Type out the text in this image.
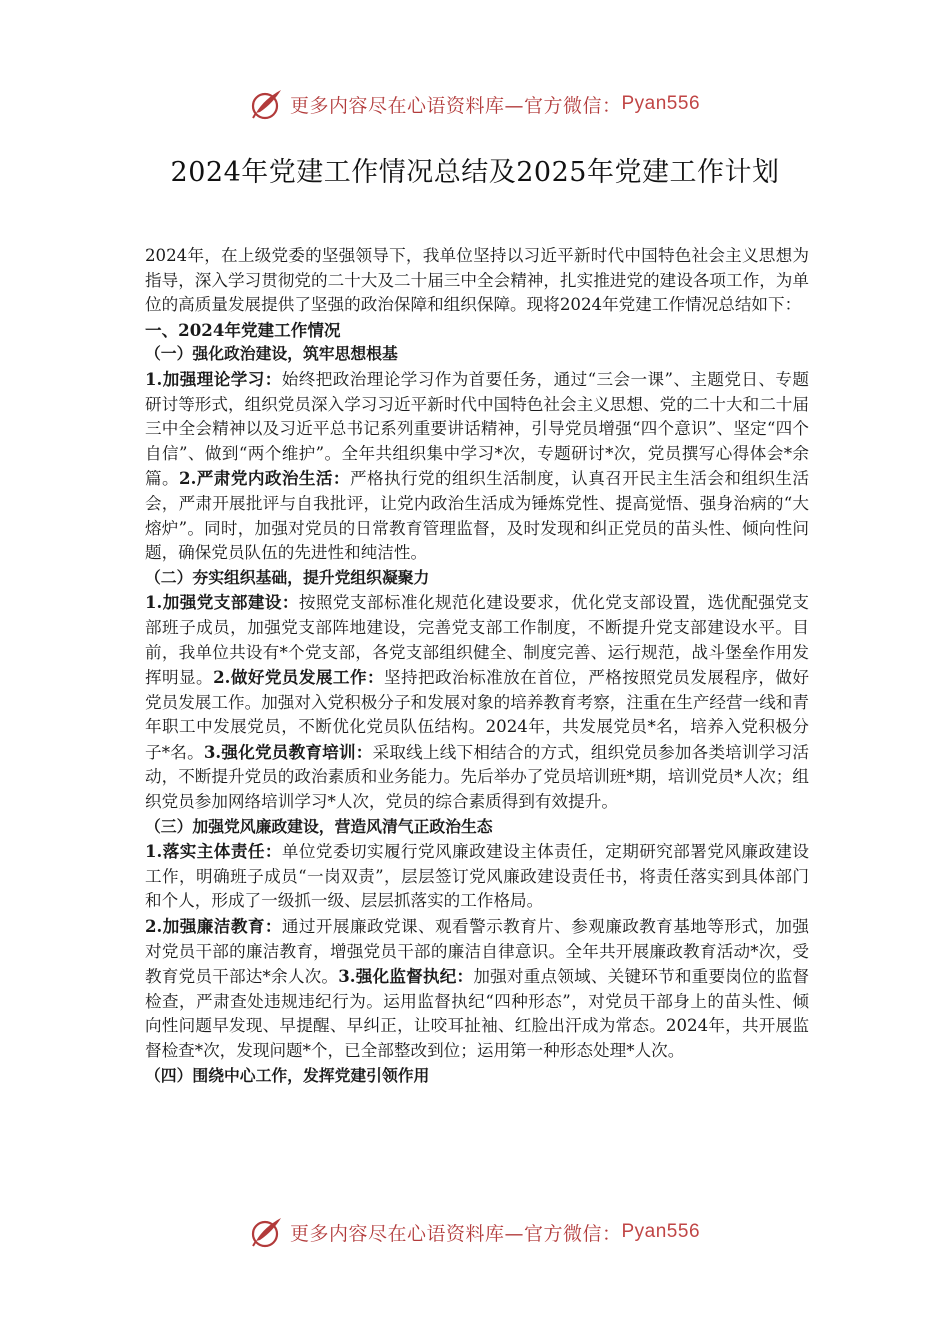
更多内容尽在心语资料库—官方微信： Pyan556
2024年党建工作情况总结及2025年党建工作计划

2024年，在上级党委的坚强领导下，我单位坚持以习近平新时代中国特色社会主义思想为指导，深入学习贯彻党的二十大及二十届三中全会精神，扎实推进党的建设各项工作，为单位的高质量发展提供了坚强的政治保障和组织保障。现将2024年党建工作情况总结如下：

一、2024年党建工作情况

（一）强化政治建设，筑牢思想根基

1.加强理论学习：始终把政治理论学习作为首要任务，通过“三会一课”、主题党日、专题研讨等形式，组织党员深入学习习近平新时代中国特色社会主义思想、党的二十大和二十届三中全会精神以及习近平总书记系列重要讲话精神，引导党员增强“四个意识”、坚定“四个自信”、做到“两个维护”。全年共组织集中学习*次，专题研讨*次，党员撰写心得体会*余篇。2.严肃党内政治生活：严格执行党的组织生活制度，认真召开民主生活会和组织生活会，严肃开展批评与自我批评，让党内政治生活成为锤炼党性、提高觉悟、强身治病的“大熔炉”。同时，加强对党员的日常教育管理监督，及时发现和纠正党员的苗头性、倾向性问题，确保党员队伍的先进性和纯洁性。

（二）夯实组织基础，提升党组织凝聚力

1.加强党支部建设：按照党支部标准化规范化建设要求，优化党支部设置，选优配强党支部班子成员，加强党支部阵地建设，完善党支部工作制度，不断提升党支部建设水平。目前，我单位共设有*个党支部，各党支部组织健全、制度完善、运行规范，战斗堡垒作用发挥明显。2.做好党员发展工作：坚持把政治标准放在首位，严格按照党员发展程序，做好党员发展工作。加强对入党积极分子和发展对象的培养教育考察，注重在生产经营一线和青年职工中发展党员，不断优化党员队伍结构。2024年，共发展党员*名，培养入党积极分子*名。3.强化党员教育培训：采取线上线下相结合的方式，组织党员参加各类培训学习活动，不断提升党员的政治素质和业务能力。先后举办了党员培训班*期，培训党员*人次；组织党员参加网络培训学习*人次，党员的综合素质得到有效提升。

（三）加强党风廉政建设，营造风清气正政治生态

1.落实主体责任：单位党委切实履行党风廉政建设主体责任，定期研究部署党风廉政建设工作，明确班子成员“一岗双责”，层层签订党风廉政建设责任书，将责任落实到具体部门和个人，形成了一级抓一级、层层抓落实的工作格局。

2.加强廉洁教育：通过开展廉政党课、观看警示教育片、参观廉政教育基地等形式，加强对党员干部的廉洁教育，增强党员干部的廉洁自律意识。全年共开展廉政教育活动*次，受教育党员干部达*余人次。3.强化监督执纪：加强对重点领域、关键环节和重要岗位的监督检查，严肃查处违规违纪行为。运用监督执纪“四种形态”，对党员干部身上的苗头性、倾向性问题早发现、早提醒、早纠正，让咬耳扯袖、红脸出汗成为常态。2024年，共开展监督检查*次，发现问题*个，已全部整改到位；运用第一种形态处理*人次。

（四）围绕中心工作，发挥党建引领作用

更多内容尽在心语资料库—官方微信： Pyan556
